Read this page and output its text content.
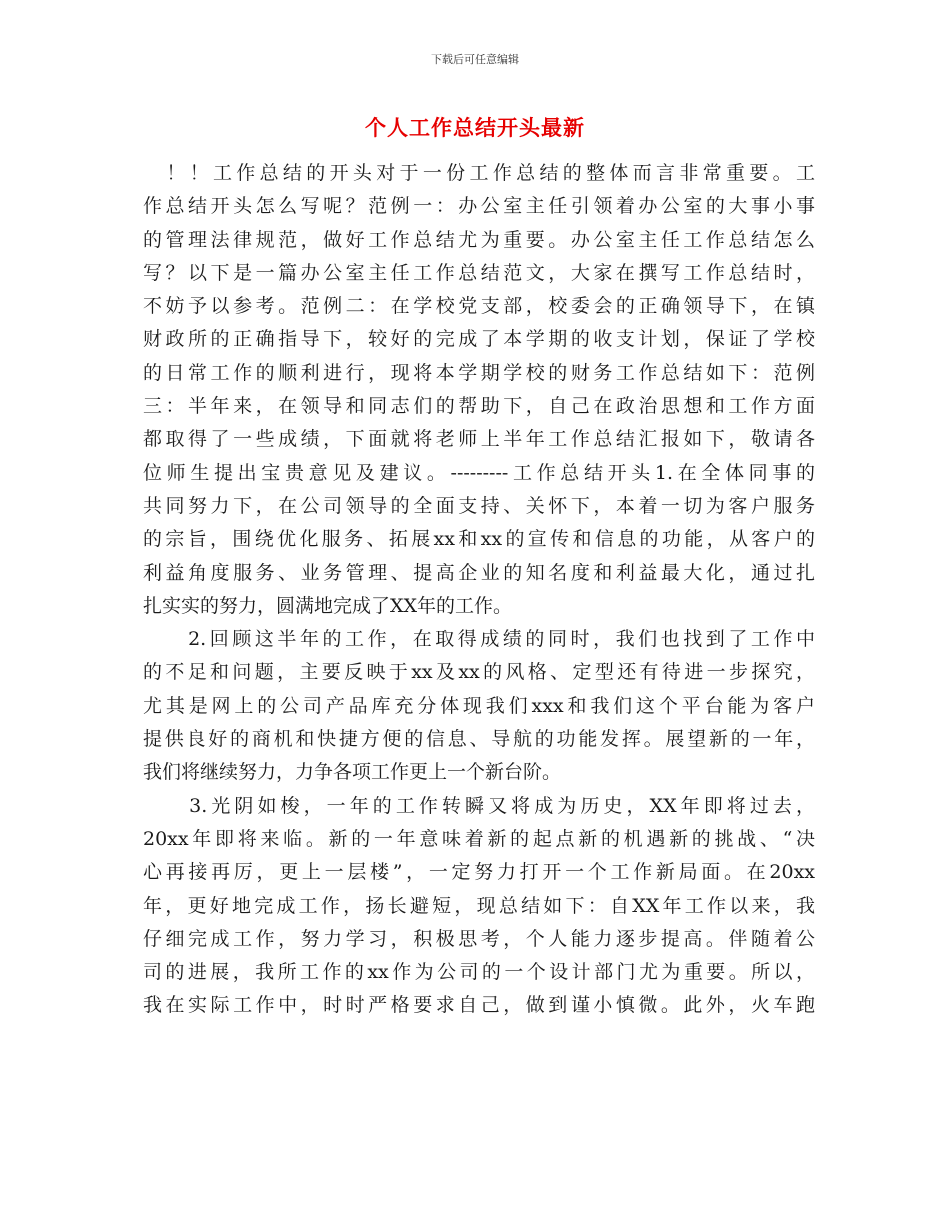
下载后可任意编辑
个人工作总结开头最新
　！！工作总结的开头对于一份工作总结的整体而言非常重要。工
作总结开头怎么写呢？范例一：办公室主任引领着办公室的大事小事
的管理法律规范，做好工作总结尤为重要。办公室主任工作总结怎么
写？以下是一篇办公室主任工作总结范文，大家在撰写工作总结时，
不妨予以参考。范例二：在学校党支部，校委会的正确领导下，在镇
财政所的正确指导下，较好的完成了本学期的收支计划，保证了学校
的日常工作的顺利进行，现将本学期学校的财务工作总结如下：范例
三：半年来，在领导和同志们的帮助下，自己在政治思想和工作方面
都取得了一些成绩，下面就将老师上半年工作总结汇报如下，敬请各
位师生提出宝贵意见及建议。---------工作总结开头1.在全体同事的
共同努力下，在公司领导的全面支持、关怀下，本着一切为客户服务
的宗旨，围绕优化服务、拓展xx和xx的宣传和信息的功能，从客户的
利益角度服务、业务管理、提高企业的知名度和利益最大化，通过扎
扎实实的努力，圆满地完成了XX年的工作。
　　2.回顾这半年的工作，在取得成绩的同时，我们也找到了工作中
的不足和问题，主要反映于xx及xx的风格、定型还有待进一步探究，
尤其是网上的公司产品库充分体现我们xxx和我们这个平台能为客户
提供良好的商机和快捷方便的信息、导航的功能发挥。展望新的一年，
我们将继续努力，力争各项工作更上一个新台阶。
　　3.光阴如梭，一年的工作转瞬又将成为历史，XX年即将过去，
20xx年即将来临。新的一年意味着新的起点新的机遇新的挑战、“决
心再接再厉，更上一层楼”，一定努力打开一个工作新局面。在20xx
年，更好地完成工作，扬长避短，现总结如下：自XX年工作以来，我
仔细完成工作，努力学习，积极思考，个人能力逐步提高。伴随着公
司的进展，我所工作的xx作为公司的一个设计部门尤为重要。所以，
我在实际工作中，时时严格要求自己，做到谨小慎微。此外，火车跑
